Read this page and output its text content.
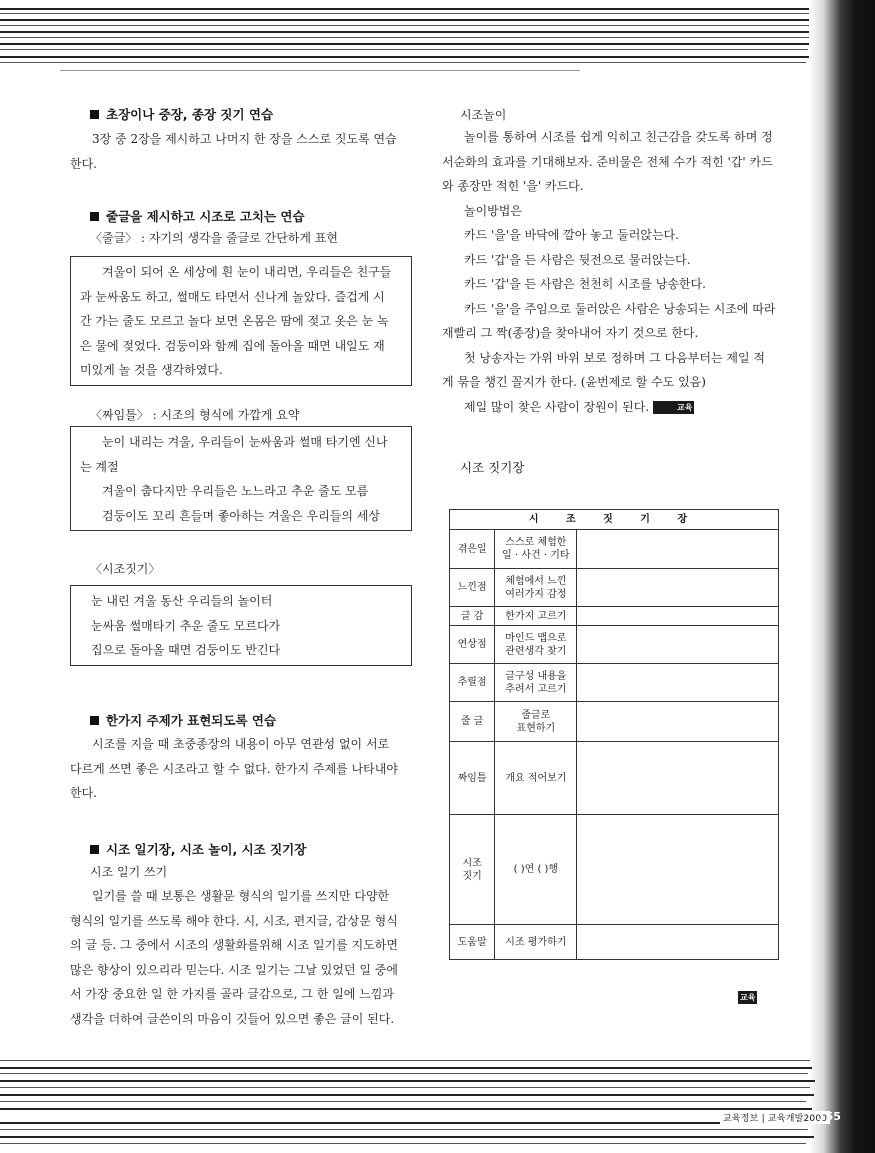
교육정보 | 교육개발2000
155
초장이나 중장, 종장 짓기 연습
3장 중 2장을 제시하고 나머지 한 장을 스스로 짓도록 연습
한다.
줄글을 제시하고 시조로 고치는 연습
〈줄글〉 : 자기의 생각을 줄글로 간단하게 표현

겨울이 되어 온 세상에 흰 눈이 내리면, 우리들은 친구들

과 눈싸움도 하고, 썰매도 타면서 신나게 놀았다. 즐겁게 시

간 가는 줄도 모르고 놀다 보면 온몸은 땀에 젖고 옷은 눈 녹

은 물에 젖었다. 검둥이와 함께 집에 돌아올 때면 내일도 재

미있게 놀 것을 생각하였다.

〈짜임틀〉 : 시조의 형식에 가깝게 요약

눈이 내리는 겨울, 우리들이 눈싸움과 썰매 타기엔 신나

는 계절

겨울이 춥다지만 우리들은 노느라고 추운 줄도 모름

검둥이도 꼬리 흔들며 좋아하는 겨울은 우리들의 세상

〈시조짓기〉

눈 내린 겨울 동산 우리들의 놀이터

눈싸움 썰매타기 추운 줄도 모르다가

집으로 돌아올 때면 검둥이도 반긴다

한가지 주제가 표현되도록 연습
시조를 지을 때 초중종장의 내용이 아무 연관성 없이 서로
다르게 쓰면 좋은 시조라고 할 수 없다. 한가지 주제를 나타내야
한다.
시조 일기장, 시조 놀이, 시조 짓기장
시조 일기 쓰기
일기를 쓸 때 보통은 생활문 형식의 일기를 쓰지만 다양한
형식의 일기를 쓰도록 해야 한다. 시, 시조, 편지글, 감상문 형식
의 글 등. 그 중에서 시조의 생활화를위해 시조 일기를 지도하면
많은 향상이 있으리라 믿는다. 시조 일기는 그날 있었던 일 중에
서 가장 중요한 일 한 가지를 골라 글감으로, 그 한 일에 느낌과
생각을 더하여 글쓴이의 마음이 깃들어 있으면 좋은 글이 된다.
시조놀이
놀이를 통하여 시조를 쉽게 익히고 친근감을 갖도록 하며 정
서순화의 효과를 기대해보자. 준비물은 전체 수가 적힌 '갑' 카드
와 종장만 적힌 '을' 카드다.
놀이방법은
카드 '을'을 바닥에 깔아 놓고 둘러앉는다.
카드 '갑'을 든 사람은 뒷전으로 물러앉는다.
카드 '갑'을 든 사람은 천천히 시조를 낭송한다.
카드 '을'을 주임으로 둘러앉은 사람은 낭송되는 시조에 따라
재빨리 그 짝(종장)을 찾아내어 자기 것으로 한다.
첫 낭송자는 가위 바위 보로 정하며 그 다음부터는 제일 적
게 묶을 챙긴 꼴지가 한다. (윤번제로 할 수도 있음)
제일 많이 찾은 사람이 장원이 된다.	교육
시조 짓기장
시 조 짓 기 장		
겪은일	스스로 체험한
일 · 사건 · 기타	

느낀점	체험에서 느낀
여러가지 감정	

글 감	한가지 고르기	

연상점	마인드 맵으로
관련생각 찾기	

추릴점	글구성 내용을
추려서 고르기	

줄 글	줄글로
표현하기	

짜임틀	개요 적어보기	

시조
짓기	( )연 ( )행	

도움말	시조 평가하기	

교육
